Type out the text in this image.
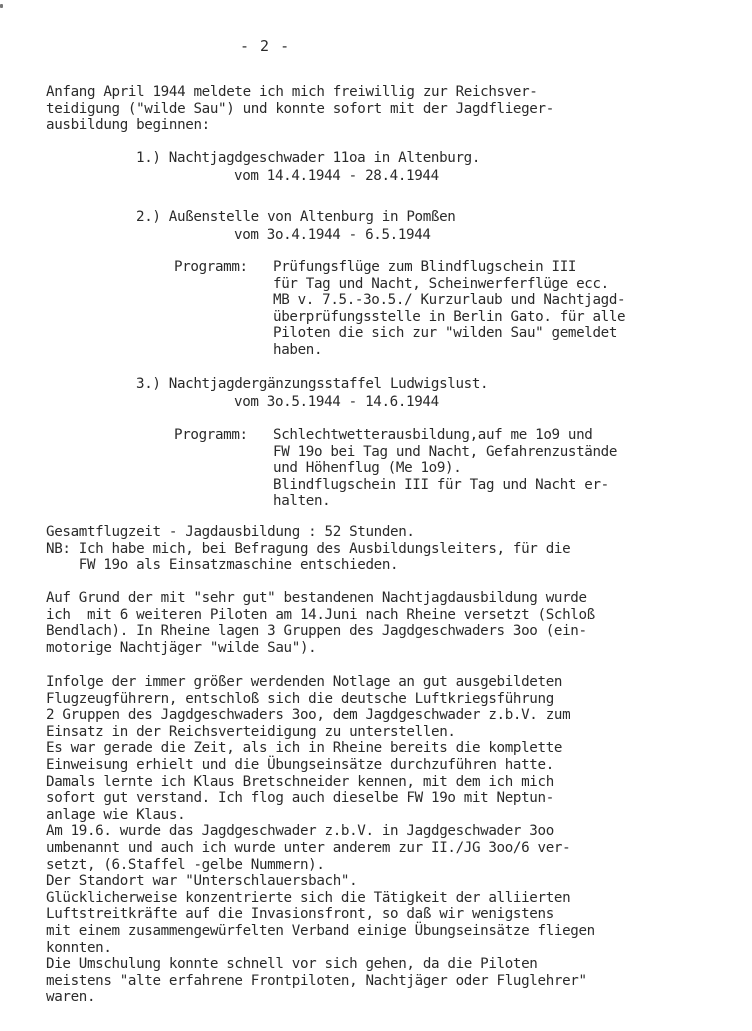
- 2 -
Anfang April 1944 meldete ich mich freiwillig zur Reichsver-
teidigung ("wilde Sau") und konnte sofort mit der Jagdflieger-
ausbildung beginnen:
1.) Nachtjagdgeschwader 11oa in Altenburg.
vom 14.4.1944 - 28.4.1944
2.) Außenstelle von Altenburg in Pomßen
vom 3o.4.1944 - 6.5.1944
Programm: Prüfungsflüge zum Blindflugschein III
für Tag und Nacht, Scheinwerferflüge ecc.
MB v. 7.5.-3o.5./ Kurzurlaub und Nachtjagd-
überprüfungsstelle in Berlin Gato. für alle
Piloten die sich zur "wilden Sau" gemeldet
haben.
3.) Nachtjagdergänzungsstaffel Ludwigslust.
vom 3o.5.1944 - 14.6.1944
Programm: Schlechtwetterausbildung,auf me 1o9 und
FW 19o bei Tag und Nacht, Gefahrenzustände
und Höhenflug (Me 1o9).
Blindflugschein III für Tag und Nacht er-
halten.
Gesamtflugzeit - Jagdausbildung : 52 Stunden.
NB: Ich habe mich, bei Befragung des Ausbildungsleiters, für die
FW 19o als Einsatzmaschine entschieden.
Auf Grund der mit "sehr gut" bestandenen Nachtjagdausbildung wurde
ich  mit 6 weiteren Piloten am 14.Juni nach Rheine versetzt (Schloß
Bendlach). In Rheine lagen 3 Gruppen des Jagdgeschwaders 3oo (ein-
motorige Nachtjäger "wilde Sau").
Infolge der immer größer werdenden Notlage an gut ausgebildeten
Flugzeugführern, entschloß sich die deutsche Luftkriegsführung
2 Gruppen des Jagdgeschwaders 3oo, dem Jagdgeschwader z.b.V. zum
Einsatz in der Reichsverteidigung zu unterstellen.
Es war gerade die Zeit, als ich in Rheine bereits die komplette
Einweisung erhielt und die Übungseinsätze durchzuführen hatte.
Damals lernte ich Klaus Bretschneider kennen, mit dem ich mich
sofort gut verstand. Ich flog auch dieselbe FW 19o mit Neptun-
anlage wie Klaus.
Am 19.6. wurde das Jagdgeschwader z.b.V. in Jagdgeschwader 3oo
umbenannt und auch ich wurde unter anderem zur II./JG 3oo/6 ver-
setzt, (6.Staffel -gelbe Nummern).
Der Standort war "Unterschlauersbach".
Glücklicherweise konzentrierte sich die Tätigkeit der alliierten
Luftstreitkräfte auf die Invasionsfront, so daß wir wenigstens
mit einem zusammengewürfelten Verband einige Übungseinsätze fliegen
konnten.
Die Umschulung konnte schnell vor sich gehen, da die Piloten
meistens "alte erfahrene Frontpiloten, Nachtjäger oder Fluglehrer"
waren.
